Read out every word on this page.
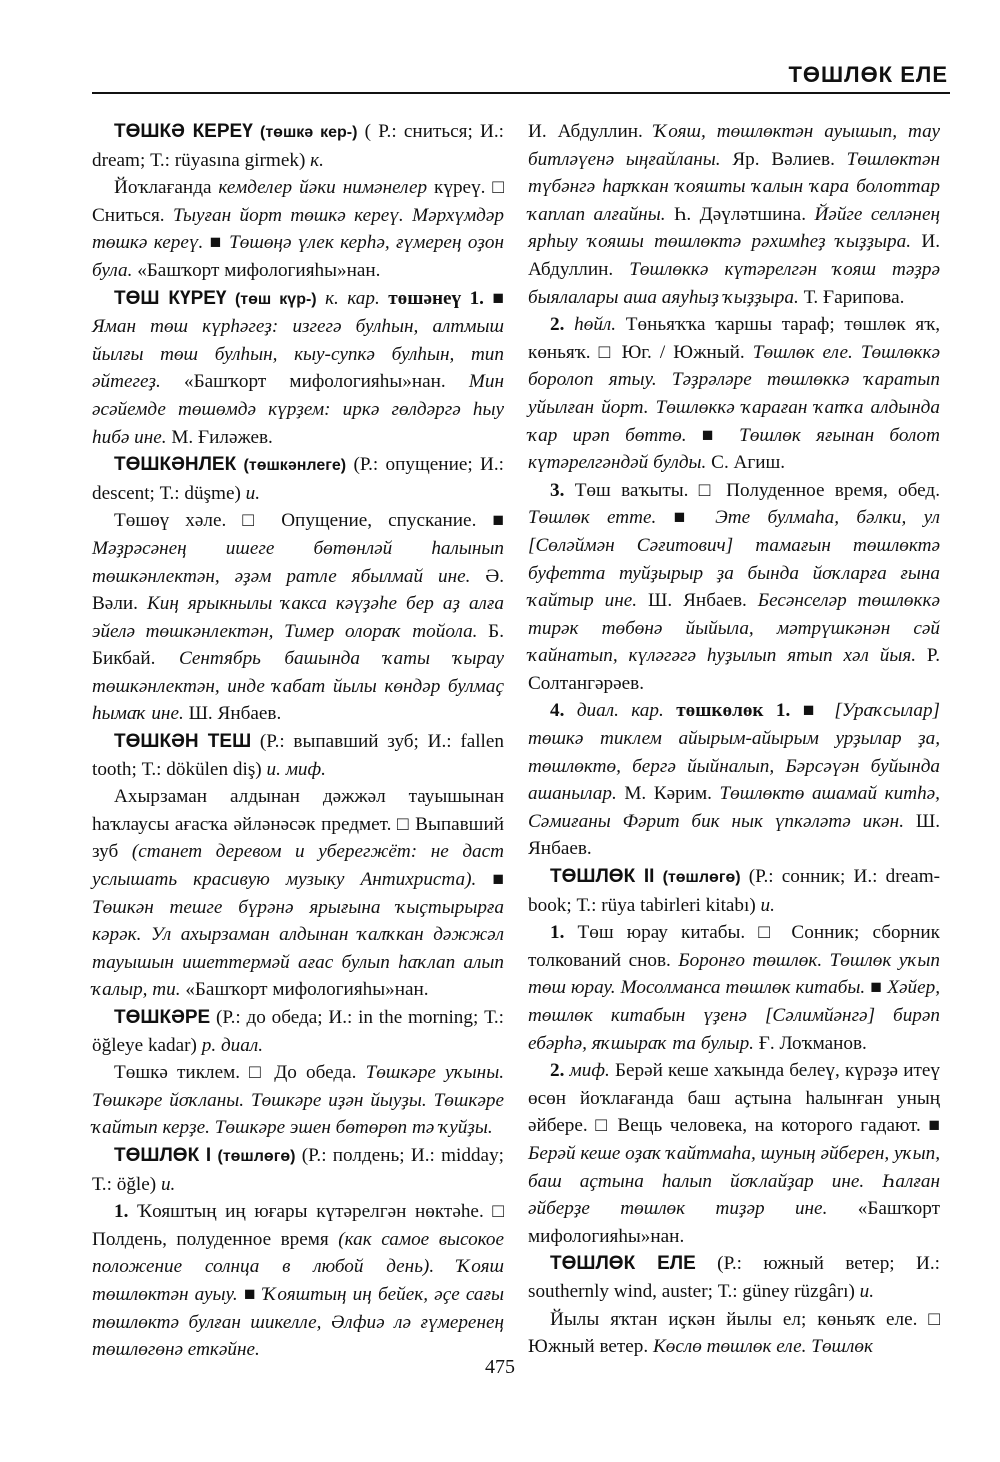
ТӨШЛӨК ЕЛЕ

ТӨШКӘ КЕРЕҮ (төшкә кер-) ( Р.: сниться; И.: dream; Т.: rüyasına girmek) к.

Йоҡлағанда кемделер йәки нимәнелер күреү. □ Сниться. Тыуған йорт төшкә кереү. Мәрхүмдәр төшкә кереү. ■ Төшөңә үлек керһә, ғүмерең оҙон була. «Башҡорт мифологияһы»нан.

ТӨШ КҮРЕҮ (төш күр-) к. кар. төшәнеү 1. ■ Яман төш күрһәгеҙ: изгегә булһын, алтмыш йылғы төш булһын, кыу-супкә булһын, тип әйтегеҙ. «Башҡорт мифологияһы»нан. Мин әсәйемде төшөмдә күрҙем: иркә гөлдәргә һыу һибә ине. М. Ғиләжев.

ТӨШКӘНЛЕК (төшкәнлеге) (Р.: опущение; И.: descent; Т.: düşme) и.

Төшөү хәле. □ Опущение, спускание. ■ Мәҙрәсәнең ишеге бөтөнләй һалынып төшкәнлектән, әҙәм ратле ябылмай ине. Ә. Вәли. Киң ярыкнылы ҡакса кәүҙәһе бер аҙ алға эйелә төшкәнлектән, Тимер олораҡ тойола. Б. Бикбай. Сентябрь башында ҡаты ҡырау төшкәнлектән, инде ҡабат йылы көндәр булмаҫ һымаҡ ине. Ш. Янбаев.

ТӨШКӘН ТЕШ (Р.: выпавший зуб; И.: fallen tooth; Т.: dökülen diş) и. миф.

Ахырзаман алдынан дәжжәл тауышынан һаҡлаусы ағасҡа әйләнәсәк предмет. □ Выпавший зуб (станет деревом и уберегжёт: не даст услышать красивую музыку Антихриста). ■ Төшкән тешге бүрәнә ярығына ҡыҫтырырға кәрәк. Ул ахырзаман алдынан ҡалҡкан дәжжәл тауышын ишеттермәй ағас булып һаҡлап алып ҡалыр, ти. «Башҡорт мифологияһы»нан.

ТӨШКӘРЕ (Р.: до обеда; И.: in the morning; Т.: öğleye kadar) р. диал.

Төшкә тиклем. □ До обеда. Төшкәре уҡыны. Төшкәре йоҡланы. Төшкәре иҙән йыуҙы. Төшкәре ҡайтып керҙе. Төшкәре эшен бөтөрөп тә ҡуйҙы.

ТӨШЛӨК I (төшлөгө) (Р.: полдень; И.: midday; Т.: öğle) и.

1. Ҡояштың иң юғары күтәрелгән нөктәһе. □ Полдень, полуденное время (как самое высокое положение солнца в любой день). Ҡояш төшлөктән ауыу. ■ Ҡояштың иң бейек, әҫе сағы төшлөктә булған шикелле, Әлфиә лә ғүмеренең төшлөгөнә еткәйне.

И. Абдуллин. Ҡояш, төшлөктән ауышып, тау битләүенә ыңғайланы. Яр. Вәлиев. Төшлөктән түбәнгә һарҡкан ҡояшты ҡалын ҡара болоттар ҡаплап алғайны. Һ. Дәүләтшина. Йәйге селләнең ярһыу ҡояшы төшлөктә рәхимһеҙ ҡыҙҙыра. И. Абдуллин. Төшлөккә күтәрелгән ҡояш тәҙрә быялалары аша аяуһыҙ ҡыҙҙыра. Т. Ғарипова.

2. һөйл. Төньяҡҡа ҡаршы тараф; төшлөк яҡ, көньяҡ. □ Юг. / Южный. Төшлөк еле. Төшлөккә боролоп ятыу. Тәҙрәләре төшлөккә ҡаратып уйылған йорт. Төшлөккә ҡараған ҡапҡа алдында ҡар ирәп бөттө. ■ Төшлөк яғынан болот күтәрелгәндәй булды. С. Агиш.

3. Төш ваҡыты. □ Полуденное время, обед. Төшлөк етте. ■ Эте булмаһа, бәлки, ул [Сөләймән Сәғитович] тамағын төшлөктә буфетта туйҙырыр ҙа бында йоҡларға ғына ҡайтыр ине. Ш. Янбаев. Бесәнселәр төшлөккә тирәк төбөнә йыйыла, мәтрүшкәнән сәй ҡайнатып, күләгәгә һуҙылып ятып хәл йыя. Р. Солтангәрәев.

4. диал. кар. төшкөлөк 1. ■ [Ураҡсылар] төшкә тиклем айырым-айырым урҙылар ҙа, төшлөктө, бергә йыйналып, Бәрсәүән буйында ашанылар. М. Кәрим. Төшлөктө ашамай китһә, Сәмиғаны Фәрит бик нык үпкәләтә икән. Ш. Янбаев.

ТӨШЛӨК II (төшлөгө) (Р.: сонник; И.: dream-book; Т.: rüya tabirleri kitabı) и.

1. Төш юрау китабы. □ Сонник; сборник толкований снов. Боронғо төшлөк. Төшлөк уҡып төш юрау. Мосолманса төшлөк китабы. ■ Хәйер, төшлөк китабын үҙенә [Сәлимйәнгә] бирәп ебәрһә, яҡшыраҡ та булыр. Ғ. Лоҡманов.

2. миф. Берәй кеше хаҡында белеү, күрәҙә итеү өсөн йоҡлағанда баш аҫтына һалынған уның әйбере. □ Вещь человека, на которого гадают. ■ Берәй кеше оҙаҡ ҡайтмаһа, шуның әйберен, уҡып, баш аҫтына һалып йоҡлайҙар ине. Һалған әйберҙе төшлөк тиҙәр ине. «Башҡорт мифологияһы»нан.

ТӨШЛӨК ЕЛЕ (Р.: южный ветер; И.: southernly wind, auster; Т.: güney rüzgârı) и.

Йылы яҡтан иҫкән йылы ел; көньяҡ еле. □ Южный ветер. Көслө төшлөк еле. Төшлөк

475
